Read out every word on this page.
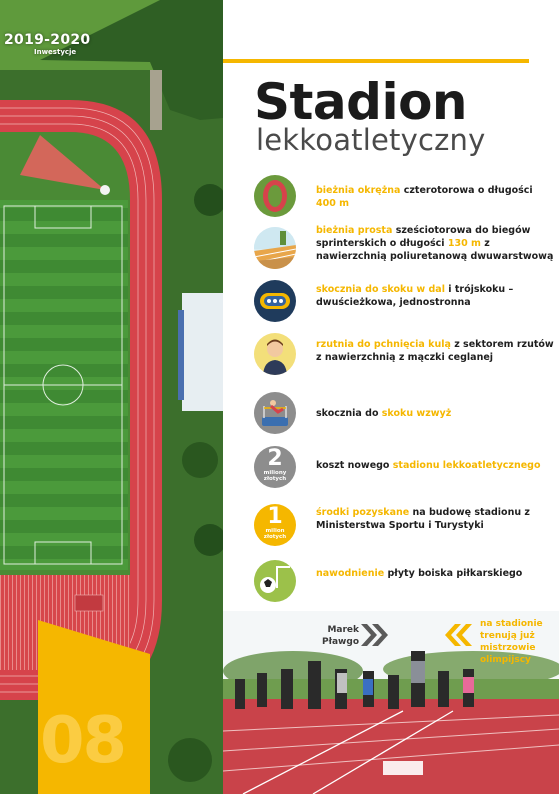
2019-2020
Inwestycje
08
Stadion
lekkoatletyczny
bieżnia okrężna czterotorowa o długości 400 m
bieżnia prosta sześciotorowa do biegów sprinterskich o długości 130 m z nawierzchnią poliuretanową dwuwarstwową
skocznia do skoku w dal i trójskoku – dwuścieżkowa, jednostronna
rzutnia do pchnięcia kulą z sektorem rzutów z nawierzchnią z mączki ceglanej
skocznia do skoku wzwyż
2
miliony
złotych
koszt nowego stadionu lekkoatletycznego
1
milion
złotych
środki pozyskane na budowę stadionu z Ministerstwa Sportu i Turystyki
nawodnienie płyty boiska piłkarskiego
Marek
Pławgo
na stadionie trenują już mistrzowie olimpijscy
